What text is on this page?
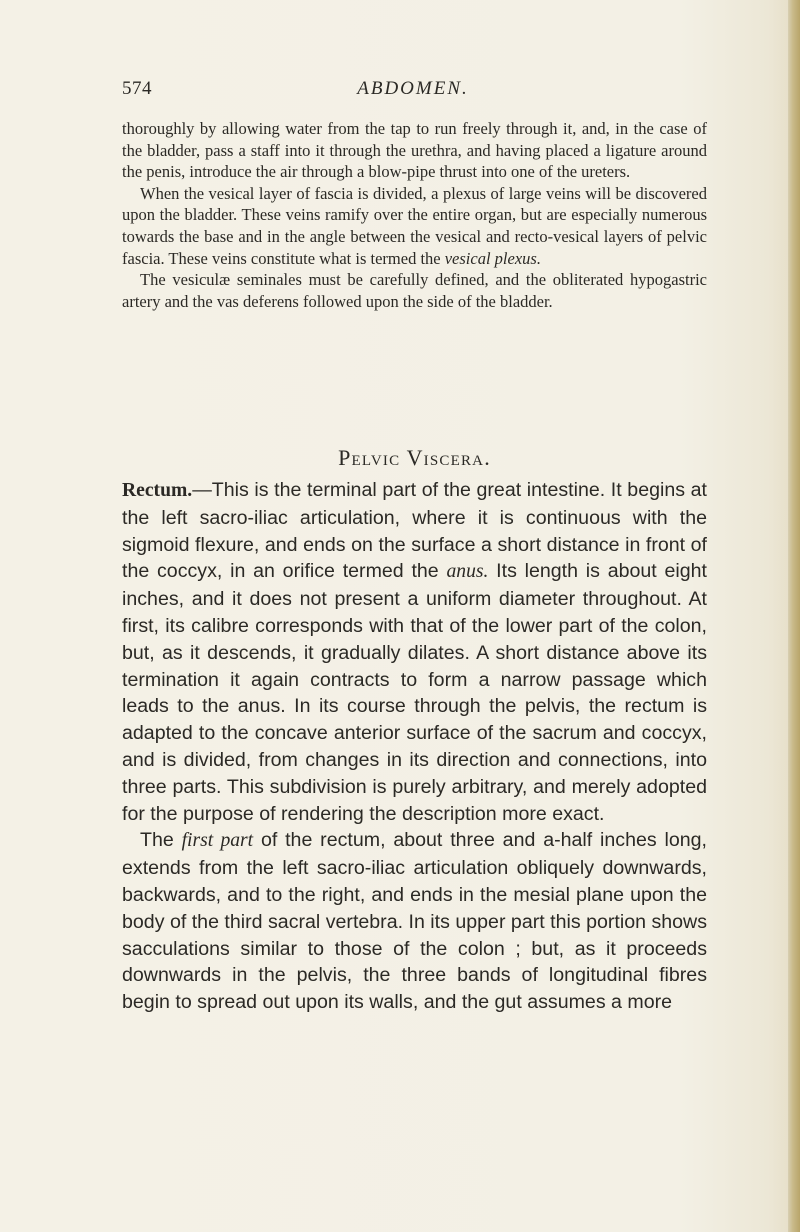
574	ABDOMEN.

thoroughly by allowing water from the tap to run freely through it, and, in the case of the bladder, pass a staff into it through the urethra, and having placed a ligature around the penis, introduce the air through a blow-pipe thrust into one of the ureters.

When the vesical layer of fascia is divided, a plexus of large veins will be discovered upon the bladder. These veins ramify over the entire organ, but are especially numerous towards the base and in the angle between the vesical and recto-vesical layers of pelvic fascia. These veins constitute what is termed the vesical plexus.

The vesiculæ seminales must be carefully defined, and the obliterated hypogastric artery and the vas deferens followed upon the side of the bladder.

Pelvic Viscera.

Rectum.—This is the terminal part of the great intestine. It begins at the left sacro-iliac articulation, where it is continuous with the sigmoid flexure, and ends on the surface a short distance in front of the coccyx, in an orifice termed the anus. Its length is about eight inches, and it does not present a uniform diameter throughout. At first, its calibre corresponds with that of the lower part of the colon, but, as it descends, it gradually dilates. A short distance above its termination it again contracts to form a narrow passage which leads to the anus. In its course through the pelvis, the rectum is adapted to the concave anterior surface of the sacrum and coccyx, and is divided, from changes in its direction and connections, into three parts. This subdivision is purely arbitrary, and merely adopted for the purpose of rendering the description more exact.

The first part of the rectum, about three and a-half inches long, extends from the left sacro-iliac articulation obliquely downwards, backwards, and to the right, and ends in the mesial plane upon the body of the third sacral vertebra. In its upper part this portion shows sacculations similar to those of the colon ; but, as it proceeds downwards in the pelvis, the three bands of longitudinal fibres begin to spread out upon its walls, and the gut assumes a more
